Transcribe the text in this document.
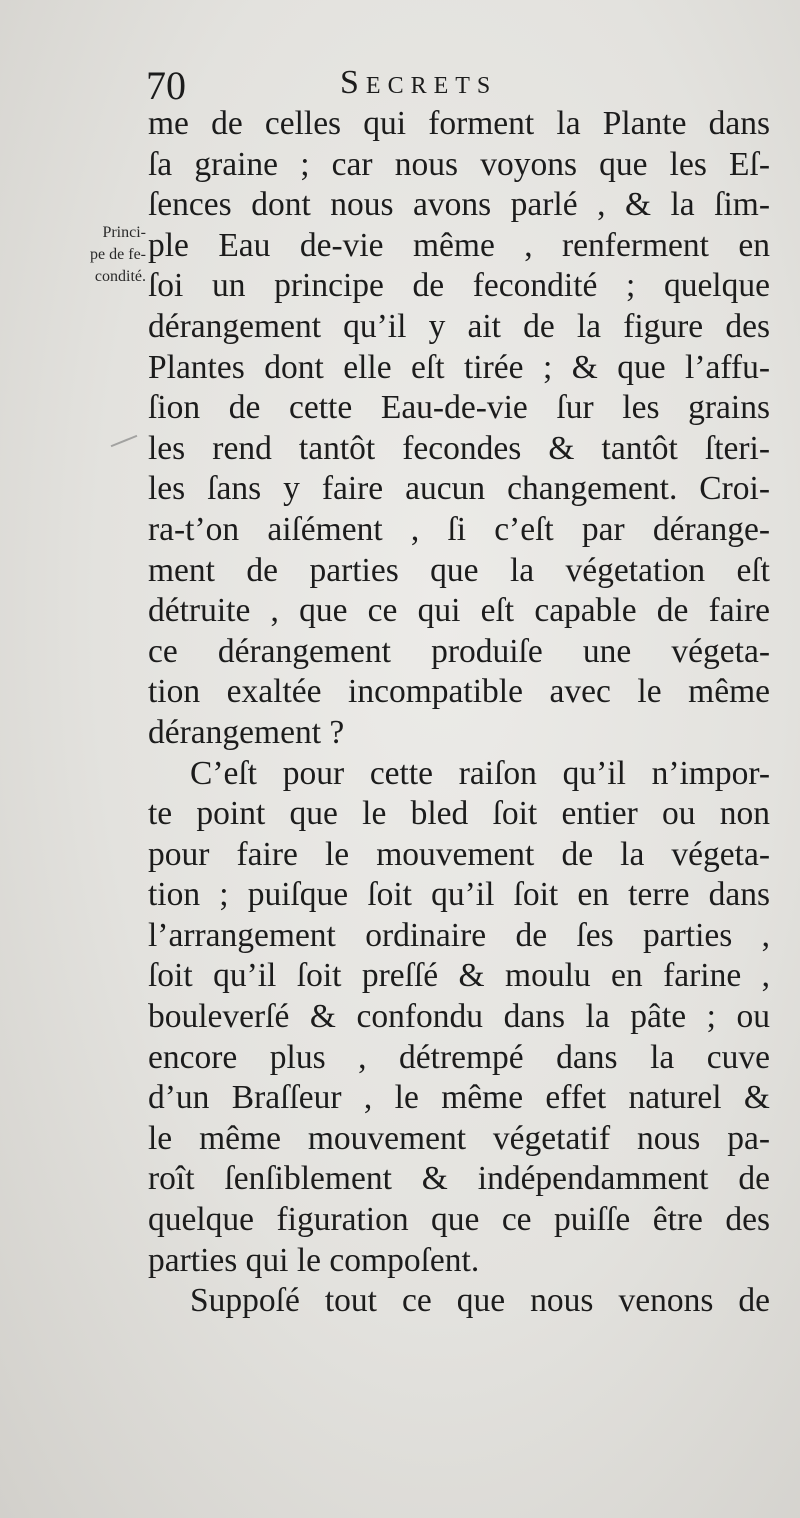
70	Secrets
Princi-
pe de fe-
condité.
me de celles qui forment la Plante dans
ſa graine ; car nous voyons que les Eſ-
ſences dont nous avons parlé , & la ſim-
ple Eau de-vie même , renferment en
ſoi un principe de fecondité ; quelque
dérangement qu’il y ait de la figure des
Plantes dont elle eſt tirée ; & que l’affu-
ſion de cette Eau-de-vie ſur les grains
les rend tantôt fecondes & tantôt ſteri-
les ſans y faire aucun changement. Croi-
ra-t’on aiſément , ſi c’eſt par dérange-
ment de parties que la végetation eſt
détruite , que ce qui eſt capable de faire
ce dérangement produiſe une végeta-
tion exaltée incompatible avec le même
dérangement ?
C’eſt pour cette raiſon qu’il n’impor-
te point que le bled ſoit entier ou non
pour faire le mouvement de la végeta-
tion ; puiſque ſoit qu’il ſoit en terre dans
l’arrangement ordinaire de ſes parties ,
ſoit qu’il ſoit preſſé & moulu en farine ,
bouleverſé & confondu dans la pâte ; ou
encore plus , détrempé dans la cuve
d’un Braſſeur , le même effet naturel &
le même mouvement végetatif nous pa-
roît ſenſiblement & indépendamment de
quelque figuration que ce puiſſe être des
parties qui le compoſent.
Suppoſé tout ce que nous venons de
